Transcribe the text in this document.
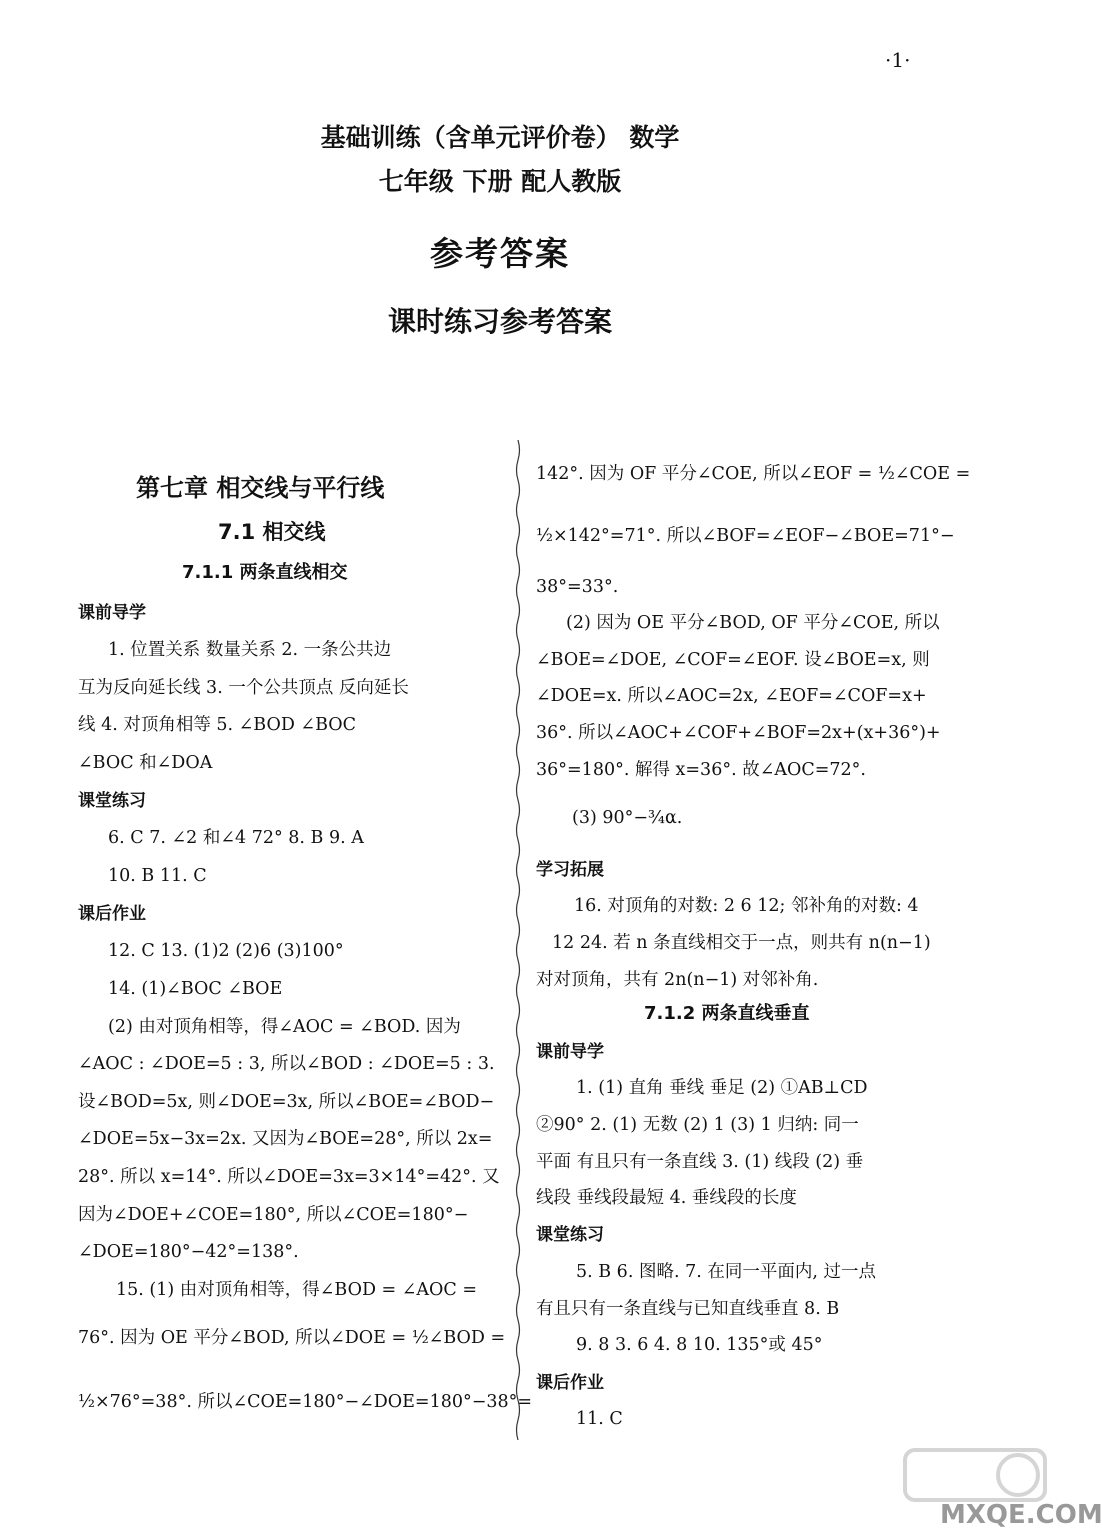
·1·
基础训练（含单元评价卷） 数学
七年级 下册 配人教版
参考答案
课时练习参考答案
第七章 相交线与平行线
7.1 相交线
7.1.1 两条直线相交
课前导学
1. 位置关系 数量关系 2. 一条公共边
互为反向延长线 3. 一个公共顶点 反向延长
线 4. 对顶角相等 5. ∠BOD ∠BOC
∠BOC 和∠DOA
课堂练习
6. C 7. ∠2 和∠4 72° 8. B 9. A
10. B 11. C
课后作业
12. C 13. (1)2 (2)6 (3)100°
14. (1)∠BOC ∠BOE
(2) 由对顶角相等，得∠AOC = ∠BOD. 因为
∠AOC : ∠DOE=5 : 3, 所以∠BOD : ∠DOE=5 : 3.
设∠BOD=5x, 则∠DOE=3x, 所以∠BOE=∠BOD−
∠DOE=5x−3x=2x. 又因为∠BOE=28°, 所以 2x=
28°. 所以 x=14°. 所以∠DOE=3x=3×14°=42°. 又
因为∠DOE+∠COE=180°, 所以∠COE=180°−
∠DOE=180°−42°=138°.
15. (1) 由对顶角相等，得∠BOD = ∠AOC =
76°. 因为 OE 平分∠BOD, 所以∠DOE = ½∠BOD =
½×76°=38°. 所以∠COE=180°−∠DOE=180°−38°=
142°. 因为 OF 平分∠COE, 所以∠EOF = ½∠COE =
½×142°=71°. 所以∠BOF=∠EOF−∠BOE=71°−
38°=33°.
(2) 因为 OE 平分∠BOD, OF 平分∠COE, 所以
∠BOE=∠DOE, ∠COF=∠EOF. 设∠BOE=x, 则
∠DOE=x. 所以∠AOC=2x, ∠EOF=∠COF=x+
36°. 所以∠AOC+∠COF+∠BOF=2x+(x+36°)+
36°=180°. 解得 x=36°. 故∠AOC=72°.
(3) 90°−¾α.
学习拓展
16. 对顶角的对数: 2 6 12; 邻补角的对数: 4
12 24. 若 n 条直线相交于一点，则共有 n(n−1)
对对顶角，共有 2n(n−1) 对邻补角.
7.1.2 两条直线垂直
课前导学
1. (1) 直角 垂线 垂足 (2) ①AB⊥CD
②90° 2. (1) 无数 (2) 1 (3) 1 归纳: 同一
平面 有且只有一条直线 3. (1) 线段 (2) 垂
线段 垂线段最短 4. 垂线段的长度
课堂练习
5. B 6. 图略. 7. 在同一平面内, 过一点
有且只有一条直线与已知直线垂直 8. B
9. 8 3. 6 4. 8 10. 135°或 45°
课后作业
11. C
MXQE.COM
